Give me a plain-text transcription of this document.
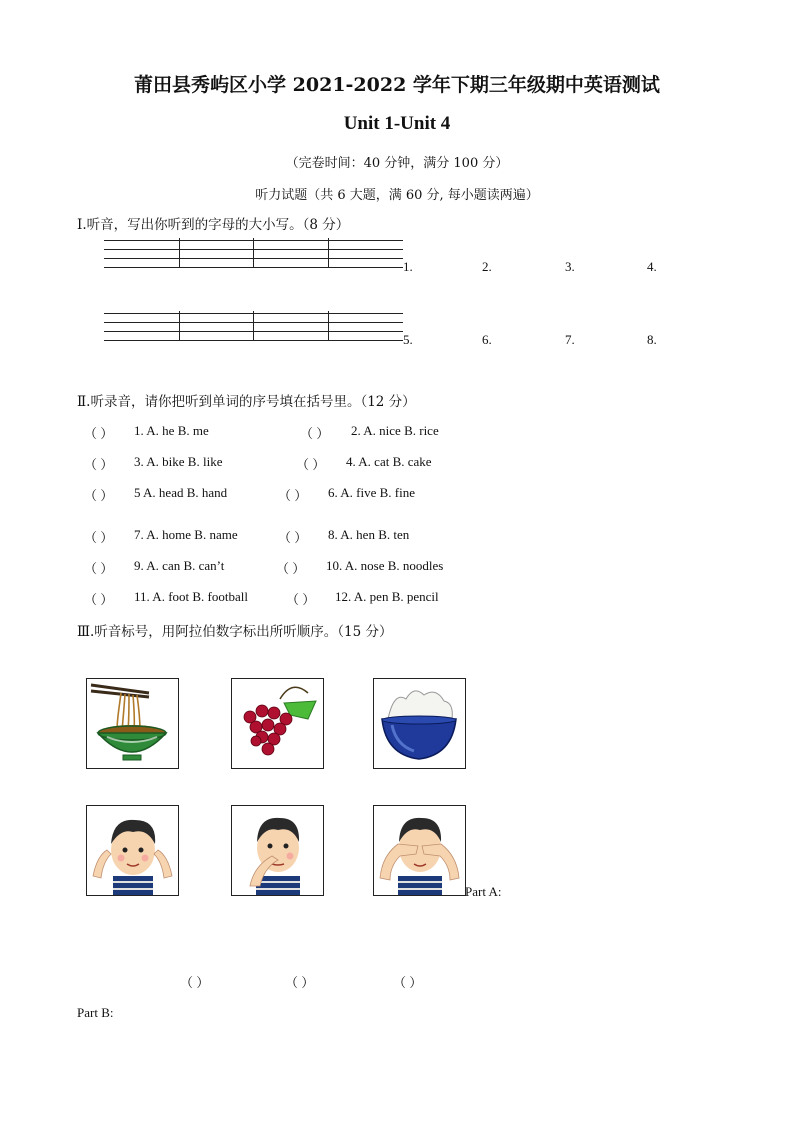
莆田县秀屿区小学 2021-2022 学年下期三年级期中英语测试
Unit 1-Unit 4
（完卷时间：40 分钟，满分 100 分）
听力试题（共 6 大题，满 60 分, 每小题读两遍）
Ⅰ.听音，写出你听到的字母的大小写。（8 分）
1.	2.	3.	4.
5.	6.	7.	8.
Ⅱ.听录音，请你把听到单词的序号填在括号里。（12 分）
（ ） 1. A. he B. me	（ ） 2. A. nice B. rice
（ ） 3. A. bike B. like	（ ） 4. A. cat B. cake
（ ） 5 A. head B. hand	（ ） 6. A. five B. fine
（ ） 7. A. home B. name	（ ） 8. A. hen B. ten
（ ） 9. A. can B. can’t	（ ） 10. A. nose B. noodles
（ ） 11. A. foot B. football	（ ） 12. A. pen B. pencil
Ⅲ.听音标号，用阿拉伯数字标出所听顺序。（15 分）
Part A:
（ ）	（ ）	（ ）
Part B:
